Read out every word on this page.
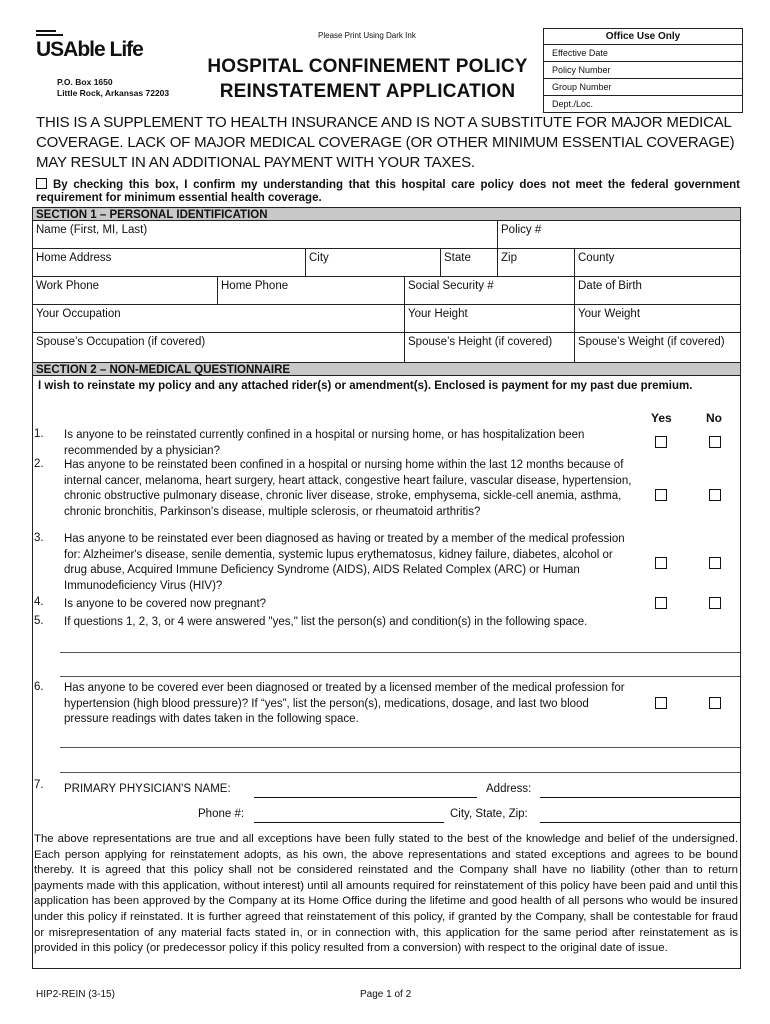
Please Print Using Dark Ink
USAble Life
P.O. Box 1650
Little Rock, Arkansas 72203
HOSPITAL CONFINEMENT POLICY
REINSTATEMENT APPLICATION
Office Use Only
Effective Date
Policy Number
Group Number
Dept./Loc.
THIS IS A SUPPLEMENT TO HEALTH INSURANCE AND IS NOT A SUBSTITUTE FOR MAJOR MEDICAL COVERAGE. LACK OF MAJOR MEDICAL COVERAGE (OR OTHER MINIMUM ESSENTIAL COVERAGE) MAY RESULT IN AN ADDITIONAL PAYMENT WITH YOUR TAXES.
By checking this box, I confirm my understanding that this hospital care policy does not meet the federal government requirement for minimum essential health coverage.
SECTION 1 – PERSONAL IDENTIFICATION
Name (First, MI, Last)	Policy #
Home Address	City	State	Zip	County
Work Phone	Home Phone	Social Security #	Date of Birth
Your Occupation	Your Height	Your Weight
Spouse’s Occupation (if covered)	Spouse’s Height (if covered)	Spouse’s Weight (if covered)
SECTION 2 – NON-MEDICAL QUESTIONNAIRE
I wish to reinstate my policy and any attached rider(s) or amendment(s). Enclosed is payment for my past due premium.
Yes	No
1. Is anyone to be reinstated currently confined in a hospital or nursing home, or has hospitalization been recommended by a physician?
2. Has anyone to be reinstated been confined in a hospital or nursing home within the last 12 months because of internal cancer, melanoma, heart surgery, heart attack, congestive heart failure, vascular disease, hypertension, chronic obstructive pulmonary disease, chronic liver disease, stroke, emphysema, sickle-cell anemia, asthma, chronic bronchitis, Parkinson's disease, multiple sclerosis, or rheumatoid arthritis?
3. Has anyone to be reinstated ever been diagnosed as having or treated by a member of the medical profession for: Alzheimer's disease, senile dementia, systemic lupus erythematosus, kidney failure, diabetes, alcohol or drug abuse, Acquired Immune Deficiency Syndrome (AIDS), AIDS Related Complex (ARC) or Human Immunodeficiency Virus (HIV)?
4. Is anyone to be covered now pregnant?
5. If questions 1, 2, 3, or 4 were answered "yes," list the person(s) and condition(s) in the following space.
6. Has anyone to be covered ever been diagnosed or treated by a licensed member of the medical profession for hypertension (high blood pressure)? If “yes”, list the person(s), medications, dosage, and last two blood pressure readings with dates taken in the following space.
7. PRIMARY PHYSICIAN'S NAME:	Address:
Phone #:	City, State, Zip:
The above representations are true and all exceptions have been fully stated to the best of the knowledge and belief of the undersigned. Each person applying for reinstatement adopts, as his own, the above representations and stated exceptions and agrees to be bound thereby. It is agreed that this policy shall not be considered reinstated and the Company shall have no liability (other than to return payments made with this application, without interest) until all amounts required for reinstatement of this policy have been paid and until this application has been approved by the Company at its Home Office during the lifetime and good health of all persons who would be insured under this policy if reinstated. It is further agreed that reinstatement of this policy, if granted by the Company, shall be contestable for fraud or misrepresentation of any material facts stated in, or in connection with, this application for the same period after reinstatement as is provided in this policy (or predecessor policy if this policy resulted from a conversion) with respect to the original date of issue.
HIP2-REIN (3-15)	Page 1 of 2
